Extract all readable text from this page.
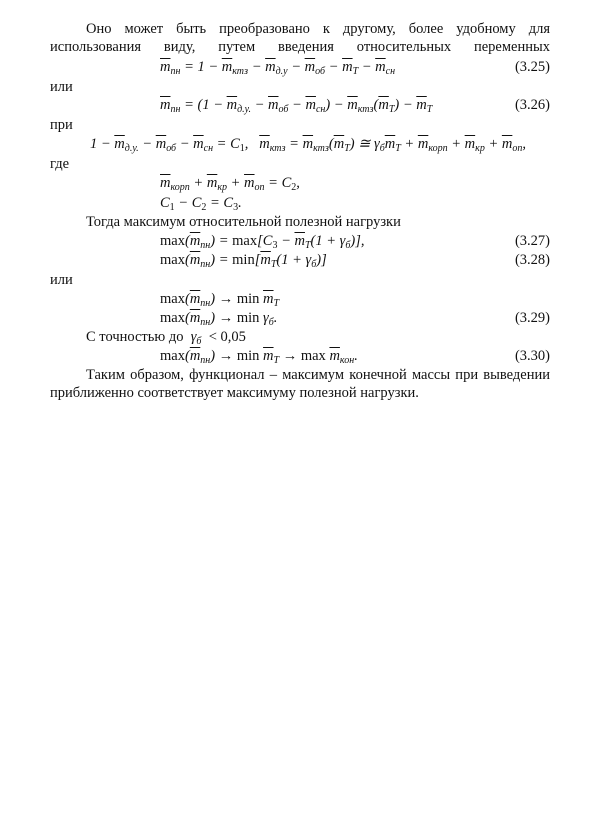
Оно может быть преобразовано к другому, более удобному для
использования виду, путем введения относительных переменных
$\overline{m}_{пн} = 1 - \overline{m}_{ктз} - \overline{m}_{д.у} - \overline{m}_{об} - \overline{m}_Т - \overline{m}_{сн}$	(3.25)
или
$\overline{m}_{пн} = (1 - \overline{m}_{д.у.} - \overline{m}_{об} - \overline{m}_{сн}) - \overline{m}_{ктз}(\overline{m}_Т) - \overline{m}_Т$	(3.26)
при
$1 - \overline{m}_{д.у.} - \overline{m}_{об} - \overline{m}_{сн} = C_1$,   $\overline{m}_{ктз} = \overline{m}_{ктз}(\overline{m}_Т)$ ≅ $\gamma_б\overline{m}_Т + \overline{m}_{корп} + \overline{m}_{кр} + \overline{m}_{оп}$,
где
$\overline{m}_{корп} + \overline{m}_{кр} + \overline{m}_{оп} = C_2$,
$C_1 - C_2 = C_3$.
Тогда максимум относительной полезной нагрузки
$\max(\overline{m}_{пн}) = \max[C_3 - \overline{m}_Т(1 + \gamma_б)]$,	(3.27)
$\max(\overline{m}_{пн}) = \min[\overline{m}_Т(1 + \gamma_б)]$	(3.28)
или
$\max(\overline{m}_{пн}) \to \min \overline{m}_Т$
$\max(\overline{m}_{пн}) \to \min \gamma_б$.	(3.29)
С точностью до  $\gamma_б < 0,05$
$\max(\overline{m}_{пн}) \to \min \overline{m}_Т \to \max \overline{m}_{кон}$.	(3.30)
Таким образом, функционал – максимум конечной массы при выведении
приближенно соответствует максимуму полезной нагрузки.
